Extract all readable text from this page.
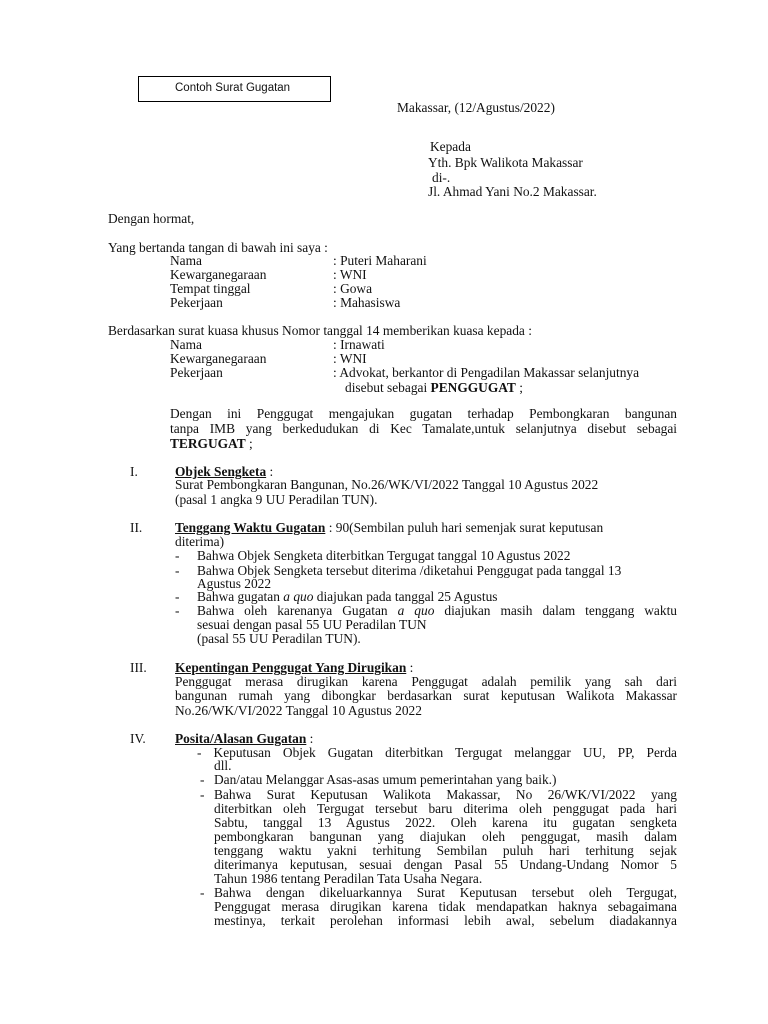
Contoh Surat Gugatan
Makassar, (12/Agustus/2022)
Kepada
Yth. Bpk Walikota Makassar
di-.
Jl. Ahmad Yani No.2 Makassar.
Dengan hormat,
Yang bertanda tangan di bawah ini saya :
Nama	: Puteri Maharani
Kewarganegaraan	: WNI
Tempat tinggal	: Gowa
Pekerjaan	: Mahasiswa
Berdasarkan surat kuasa khusus Nomor tanggal 14 memberikan kuasa kepada :
Nama	: Irnawati
Kewarganegaraan	: WNI
Pekerjaan	: Advokat, berkantor di Pengadilan Makassar selanjutnya
disebut sebagai PENGGUGAT ;
Dengan ini Penggugat mengajukan gugatan terhadap Pembongkaran bangunan
tanpa IMB yang berkedudukan di Kec Tamalate,untuk selanjutnya disebut sebagai
TERGUGAT ;
I.	Objek Sengketa :
Surat Pembongkaran Bangunan, No.26/WK/VI/2022 Tanggal 10 Agustus 2022
(pasal 1 angka 9 UU Peradilan TUN).
II. Tenggang Waktu Gugatan : 90(Sembilan puluh hari semenjak surat keputusan
diterima)
- Bahwa Objek Sengketa diterbitkan Tergugat tanggal 10 Agustus 2022
- Bahwa Objek Sengketa tersebut diterima /diketahui Penggugat pada tanggal 13
Agustus 2022
- Bahwa gugatan a quo diajukan pada tanggal 25 Agustus
- Bahwa oleh karenanya Gugatan a quo diajukan masih dalam tenggang waktu
sesuai dengan pasal 55 UU Peradilan TUN
(pasal 55 UU Peradilan TUN).
III. Kepentingan Penggugat Yang Dirugikan :
Penggugat merasa dirugikan karena Penggugat adalah pemilik yang sah dari
bangunan rumah yang dibongkar berdasarkan surat keputusan Walikota Makassar
No.26/WK/VI/2022 Tanggal 10 Agustus 2022
IV. Posita/Alasan Gugatan :
- Keputusan Objek Gugatan diterbitkan Tergugat melanggar UU, PP, Perda
dll.
- Dan/atau Melanggar Asas-asas umum pemerintahan yang baik.)
- Bahwa Surat Keputusan Walikota Makassar, No 26/WK/VI/2022 yang
diterbitkan oleh Tergugat tersebut baru diterima oleh penggugat pada hari
Sabtu, tanggal 13 Agustus 2022. Oleh karena itu gugatan sengketa
pembongkaran bangunan yang diajukan oleh penggugat, masih dalam
tenggang waktu yakni terhitung Sembilan puluh hari terhitung sejak
diterimanya keputusan, sesuai dengan Pasal 55 Undang-Undang Nomor 5
Tahun 1986 tentang Peradilan Tata Usaha Negara.
- Bahwa dengan dikeluarkannya Surat Keputusan tersebut oleh Tergugat,
Penggugat merasa dirugikan karena tidak mendapatkan haknya sebagaimana
mestinya, terkait perolehan informasi lebih awal, sebelum diadakannya
